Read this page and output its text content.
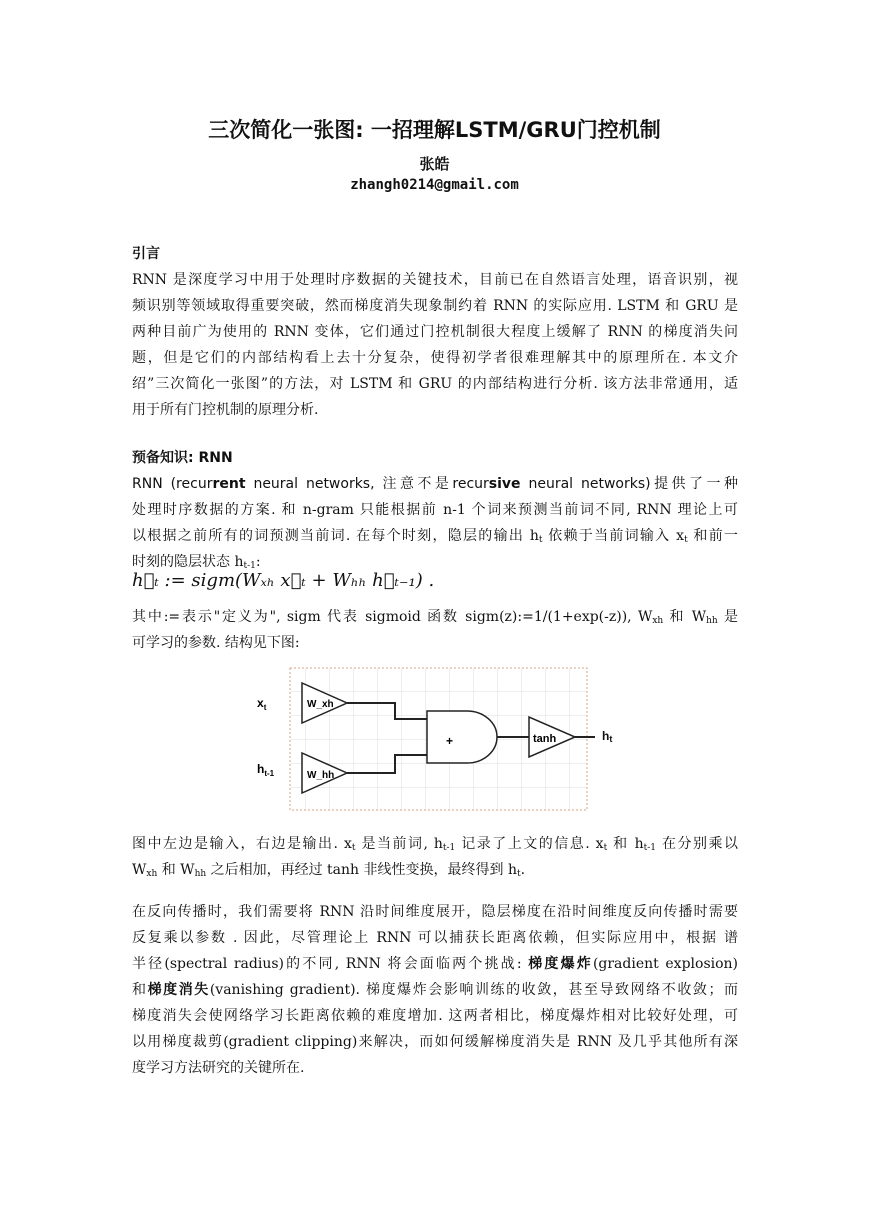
三次简化一张图: 一招理解LSTM/GRU门控机制
张皓
zhangh0214@gmail.com
引言
RNN 是深度学习中用于处理时序数据的关键技术，目前已在自然语言处理，语音识别，视
频识别等领域取得重要突破，然而梯度消失现象制约着 RNN 的实际应用. LSTM 和 GRU 是
两种目前广为使用的 RNN 变体，它们通过门控机制很大程度上缓解了 RNN 的梯度消失问
题，但是它们的内部结构看上去十分复杂，使得初学者很难理解其中的原理所在. 本文介
绍”三次简化一张图”的方法，对 LSTM 和 GRU 的内部结构进行分析. 该方法非常通用，适
用于所有门控机制的原理分析.
预备知识: RNN
RNN (recurrent neural networks, 注意不是recursive neural networks)提供了一种
处理时序数据的方案. 和 n-gram 只能根据前 n-1 个词来预测当前词不同, RNN 理论上可
以根据之前所有的词预测当前词. 在每个时刻，隐层的输出 $h_t$ 依赖于当前词输入 $x_t$ 和前一
时刻的隐层状态 $h_{t-1}$:
h⃗ₜ := sigm(Wₓₕ x⃗ₜ + Wₕₕ h⃗ₜ₋₁) .
其中:=表示"定义为", sigm 代表 sigmoid 函数 sigm(z):=1/(1+exp(-z)), $W_{xh}$ 和 $W_{hh}$ 是
可学习的参数. 结构见下图:
$x_t$
$h_{t-1}$
W_xh
W_hh
+	tanh	$h_t$
图中左边是输入，右边是输出. $x_t$ 是当前词, $h_{t-1}$ 记录了上文的信息. $x_t$ 和 $h_{t-1}$ 在分别乘以
$W_{xh}$ 和 $W_{hh}$ 之后相加，再经过 tanh 非线性变换，最终得到 $h_t$.
在反向传播时，我们需要将 RNN 沿时间维度展开，隐层梯度在沿时间维度反向传播时需要
反复乘以参数 . 因此，尽管理论上 RNN 可以捕获长距离依赖，但实际应用中，根据 谱
半径(spectral radius)的不同, RNN 将会面临两个挑战: 梯度爆炸(gradient explosion)
和梯度消失(vanishing gradient). 梯度爆炸会影响训练的收敛，甚至导致网络不收敛；而
梯度消失会使网络学习长距离依赖的难度增加. 这两者相比，梯度爆炸相对比较好处理，可
以用梯度裁剪(gradient clipping)来解决，而如何缓解梯度消失是 RNN 及几乎其他所有深
度学习方法研究的关键所在.
